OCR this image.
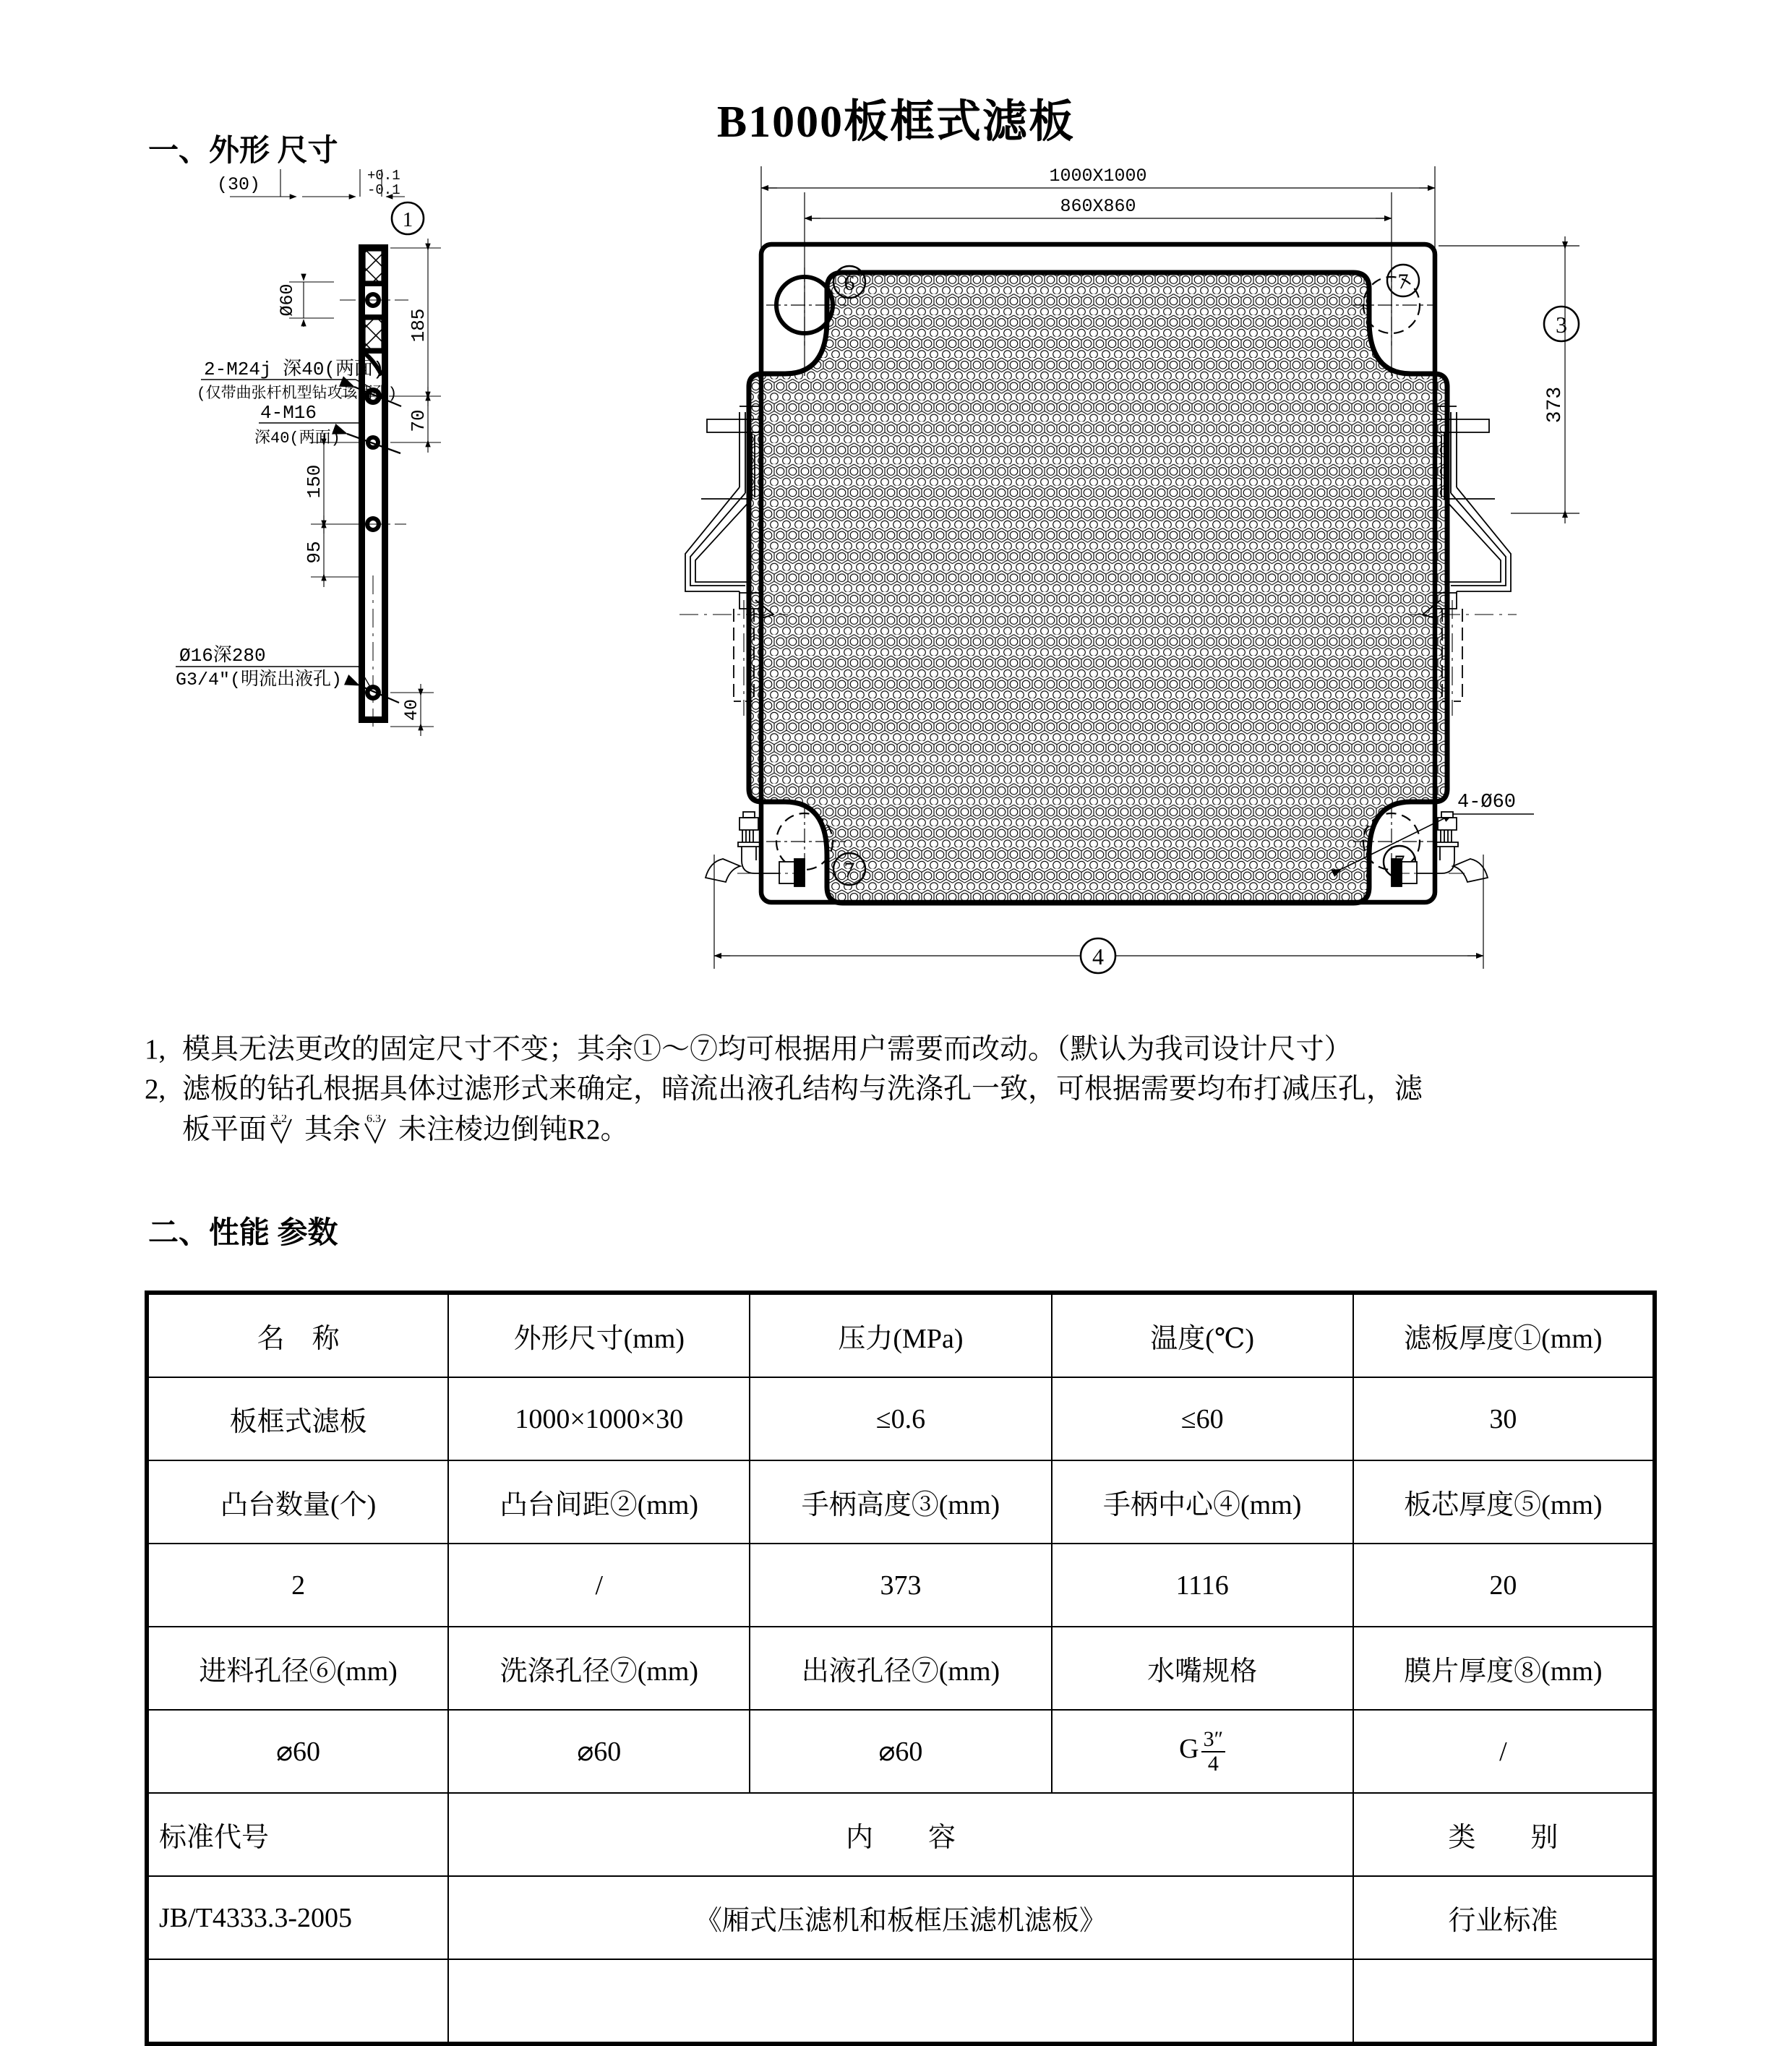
B1000板框式滤板
一、外形 尺寸
二、性能 参数
(30)	+0.1
-0.1
1
Ø60
2-M24j 深40(两面)
(仅带曲张杆机型钻攻该两孔)
4-M16
深40(两面)
185
70
150
95
Ø16深280
G3/4″(明流出液孔)
40
1000X1000
860X860
6	7
7
4-Ø60
373
3
4
1, 模具无法更改的固定尺寸不变；其余①～⑦均可根据用户需要而改动。（默认为我司设计尺寸）
2, 滤板的钻孔根据具体过滤形式来确定，暗流出液孔结构与洗涤孔一致，可根据需要均布打减压孔，滤
板平面 3.2 其余 6.3 未注棱边倒钝R2。
名　称	外形尺寸(mm)	压力(MPa)	温度(℃)	滤板厚度①(mm)
板框式滤板	1000×1000×30	≤0.6	≤60	30
凸台数量(个)	凸台间距②(mm)	手柄高度③(mm)	手柄中心④(mm)	板芯厚度⑤(mm)
2	/	373	1116	20
进料孔径⑥(mm)	洗涤孔径⑦(mm)	出液孔径⑦(mm)	水嘴规格	膜片厚度⑧(mm)
⌀60	⌀60	⌀60	G $\frac{3''}{4}$	/
标准代号	内　　容			类　　别
JB/T4333.3-2005	《厢式压滤机和板框压滤机滤板》			行业标准
